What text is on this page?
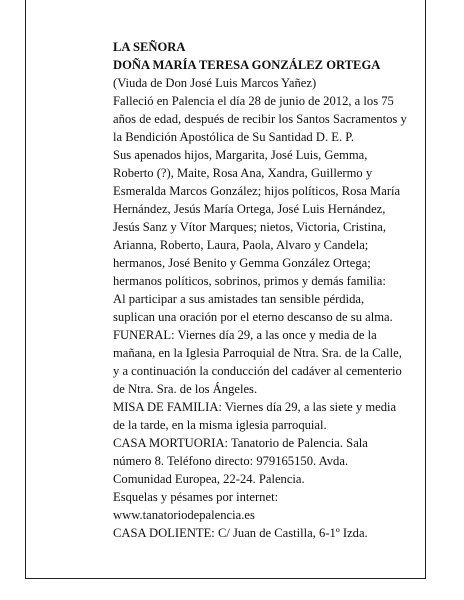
LA SEÑORA

DOÑA MARÍA TERESA GONZÁLEZ ORTEGA

(Viuda de Don José Luis Marcos Yañez)

Falleció en Palencia el día 28 de junio de 2012, a los 75 años de edad, después de recibir los Santos Sacramentos y la Bendición Apostólica de Su Santidad D. E. P.

Sus apenados hijos, Margarita, José Luis, Gemma, Roberto (?), Maite, Rosa Ana, Xandra, Guillermo y Esmeralda Marcos González; hijos políticos, Rosa María Hernández, Jesús María Ortega, José Luis Hernández, Jesús Sanz y Vítor Marques; nietos, Victoria, Cristina, Arianna, Roberto, Laura, Paola, Alvaro y Candela; hermanos, José Benito y Gemma González Ortega; hermanos políticos, sobrinos, primos y demás familia:

Al participar a sus amistades tan sensible pérdida, suplican una oración por el eterno descanso de su alma.

FUNERAL: Viernes día 29, a las once y media de la mañana, en la Iglesia Parroquial de Ntra. Sra. de la Calle, y a continuación la conducción del cadáver al cementerio de Ntra. Sra. de los Ángeles.

MISA DE FAMILIA: Viernes día 29, a las siete y media de la tarde, en la misma iglesia parroquial.

CASA MORTUORIA: Tanatorio de Palencia. Sala número 8. Teléfono directo: 979165150. Avda. Comunidad Europea, 22-24. Palencia.

Esquelas y pésames por internet: www.tanatoriodepalencia.es

CASA DOLIENTE: C/ Juan de Castilla, 6-1º Izda.
